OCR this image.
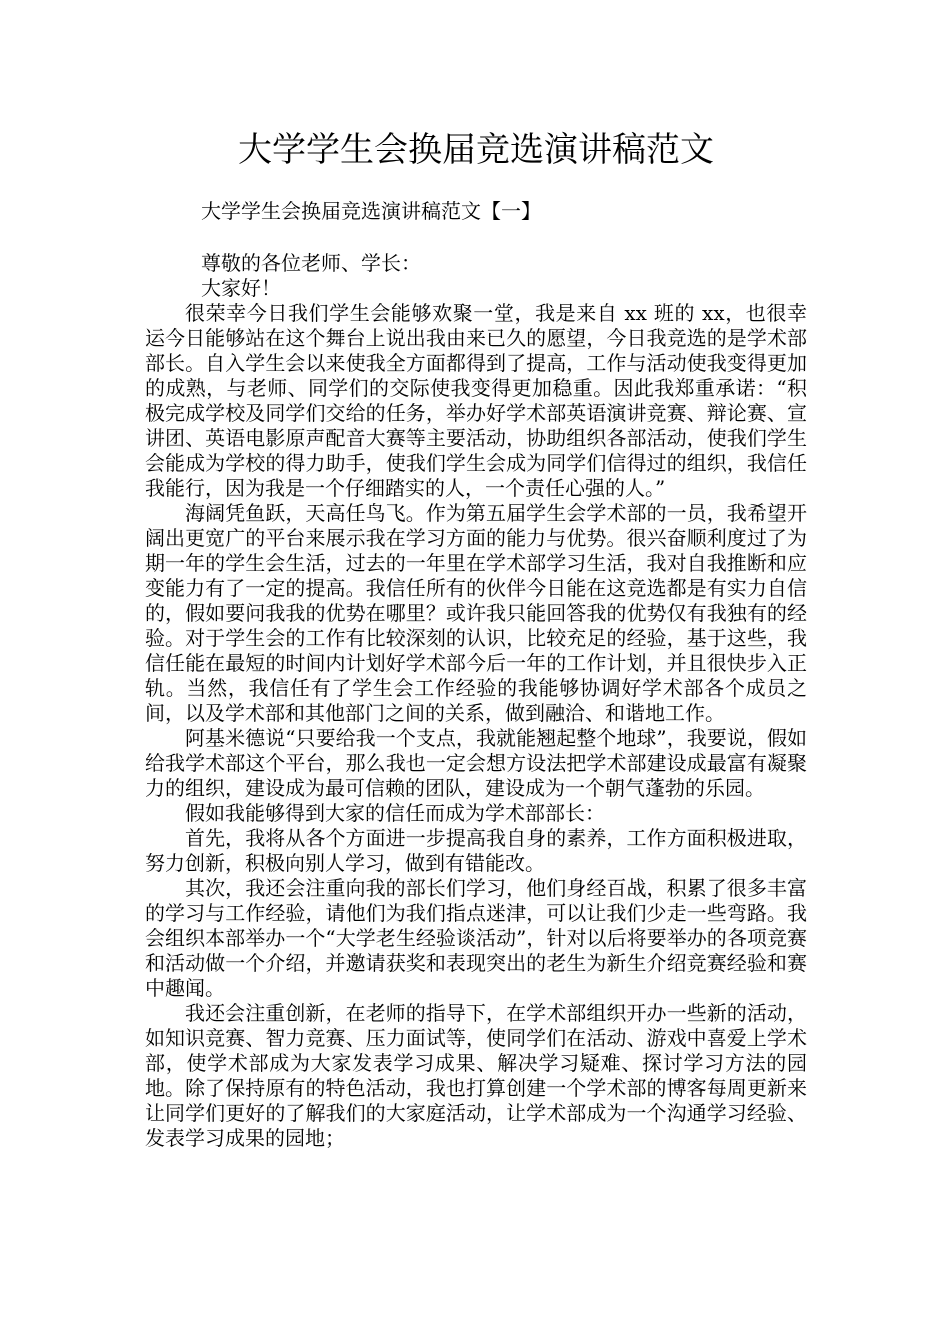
大学学生会换届竞选演讲稿范文

大学学生会换届竞选演讲稿范文【一】

尊敬的各位老师、学长：

大家好！

很荣幸今日我们学生会能够欢聚一堂，我是来自 xx 班的 xx，也很幸运今日能够站在这个舞台上说出我由来已久的愿望，今日我竞选的是学术部部长。自入学生会以来使我全方面都得到了提高，工作与活动使我变得更加的成熟，与老师、同学们的交际使我变得更加稳重。因此我郑重承诺：“积极完成学校及同学们交给的任务，举办好学术部英语演讲竞赛、辩论赛、宣讲团、英语电影原声配音大赛等主要活动，协助组织各部活动，使我们学生会能成为学校的得力助手，使我们学生会成为同学们信得过的组织，我信任我能行，因为我是一个仔细踏实的人，一个责任心强的人。”

海阔凭鱼跃，天高任鸟飞。作为第五届学生会学术部的一员，我希望开阔出更宽广的平台来展示我在学习方面的能力与优势。很兴奋顺利度过了为期一年的学生会生活，过去的一年里在学术部学习生活，我对自我推断和应变能力有了一定的提高。我信任所有的伙伴今日能在这竞选都是有实力自信的，假如要问我我的优势在哪里？或许我只能回答我的优势仅有我独有的经验。对于学生会的工作有比较深刻的认识，比较充足的经验，基于这些，我信任能在最短的时间内计划好学术部今后一年的工作计划，并且很快步入正轨。当然，我信任有了学生会工作经验的我能够协调好学术部各个成员之间，以及学术部和其他部门之间的关系，做到融洽、和谐地工作。

阿基米德说“只要给我一个支点，我就能翘起整个地球”，我要说，假如给我学术部这个平台，那么我也一定会想方设法把学术部建设成最富有凝聚力的组织，建设成为最可信赖的团队，建设成为一个朝气蓬勃的乐园。

假如我能够得到大家的信任而成为学术部部长：

首先，我将从各个方面进一步提高我自身的素养，工作方面积极进取，努力创新，积极向别人学习，做到有错能改。

其次，我还会注重向我的部长们学习，他们身经百战，积累了很多丰富的学习与工作经验，请他们为我们指点迷津，可以让我们少走一些弯路。我会组织本部举办一个“大学老生经验谈活动”，针对以后将要举办的各项竞赛和活动做一个介绍，并邀请获奖和表现突出的老生为新生介绍竞赛经验和赛中趣闻。

我还会注重创新，在老师的指导下，在学术部组织开办一些新的活动，如知识竞赛、智力竞赛、压力面试等，使同学们在活动、游戏中喜爱上学术部，使学术部成为大家发表学习成果、解决学习疑难、探讨学习方法的园地。除了保持原有的特色活动，我也打算创建一个学术部的博客每周更新来让同学们更好的了解我们的大家庭活动，让学术部成为一个沟通学习经验、发表学习成果的园地；
